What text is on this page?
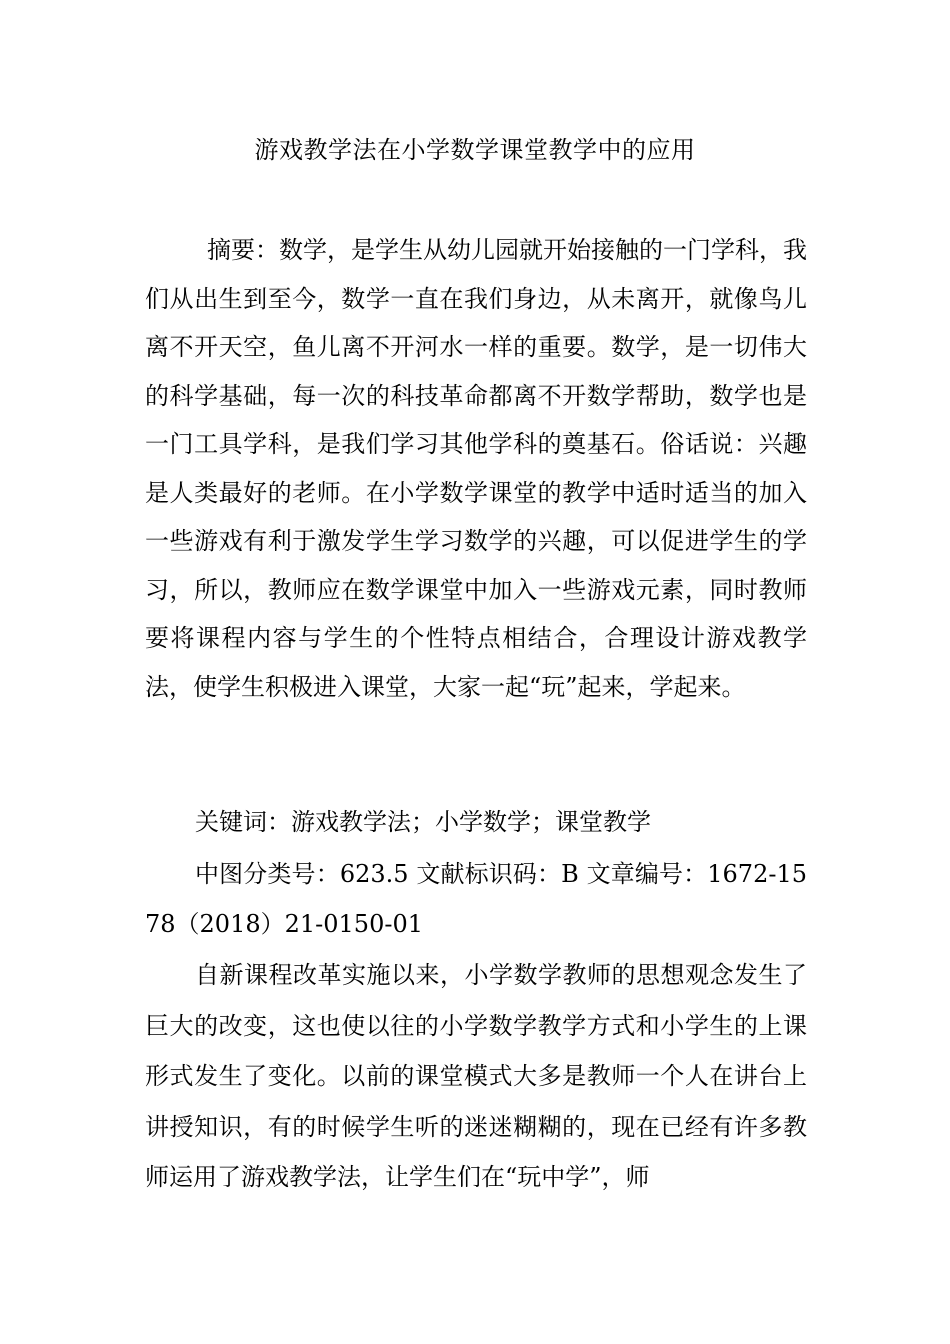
游戏教学法在小学数学课堂教学中的应用

摘要：数学，是学生从幼儿园就开始接触的一门学科，我们从出生到至今，数学一直在我们身边，从未离开，就像鸟儿离不开天空，鱼儿离不开河水一样的重要。数学，是一切伟大的科学基础，每一次的科技革命都离不开数学帮助，数学也是一门工具学科，是我们学习其他学科的奠基石。俗话说：兴趣是人类最好的老师。在小学数学课堂的教学中适时适当的加入一些游戏有利于激发学生学习数学的兴趣，可以促进学生的学习，所以，教师应在数学课堂中加入一些游戏元素，同时教师要将课程内容与学生的个性特点相结合，合理设计游戏教学法，使学生积极进入课堂，大家一起“玩”起来，学起来。

关键词：游戏教学法；小学数学；课堂教学

中图分类号：623.5 文献标识码：B 文章编号：1672-1578（2018）21-0150-01

自新课程改革实施以来，小学数学教师的思想观念发生了巨大的改变，这也使以往的小学数学教学方式和小学生的上课形式发生了变化。以前的课堂模式大多是教师一个人在讲台上讲授知识，有的时候学生听的迷迷糊糊的，现在已经有许多教师运用了游戏教学法，让学生们在“玩中学”，师
